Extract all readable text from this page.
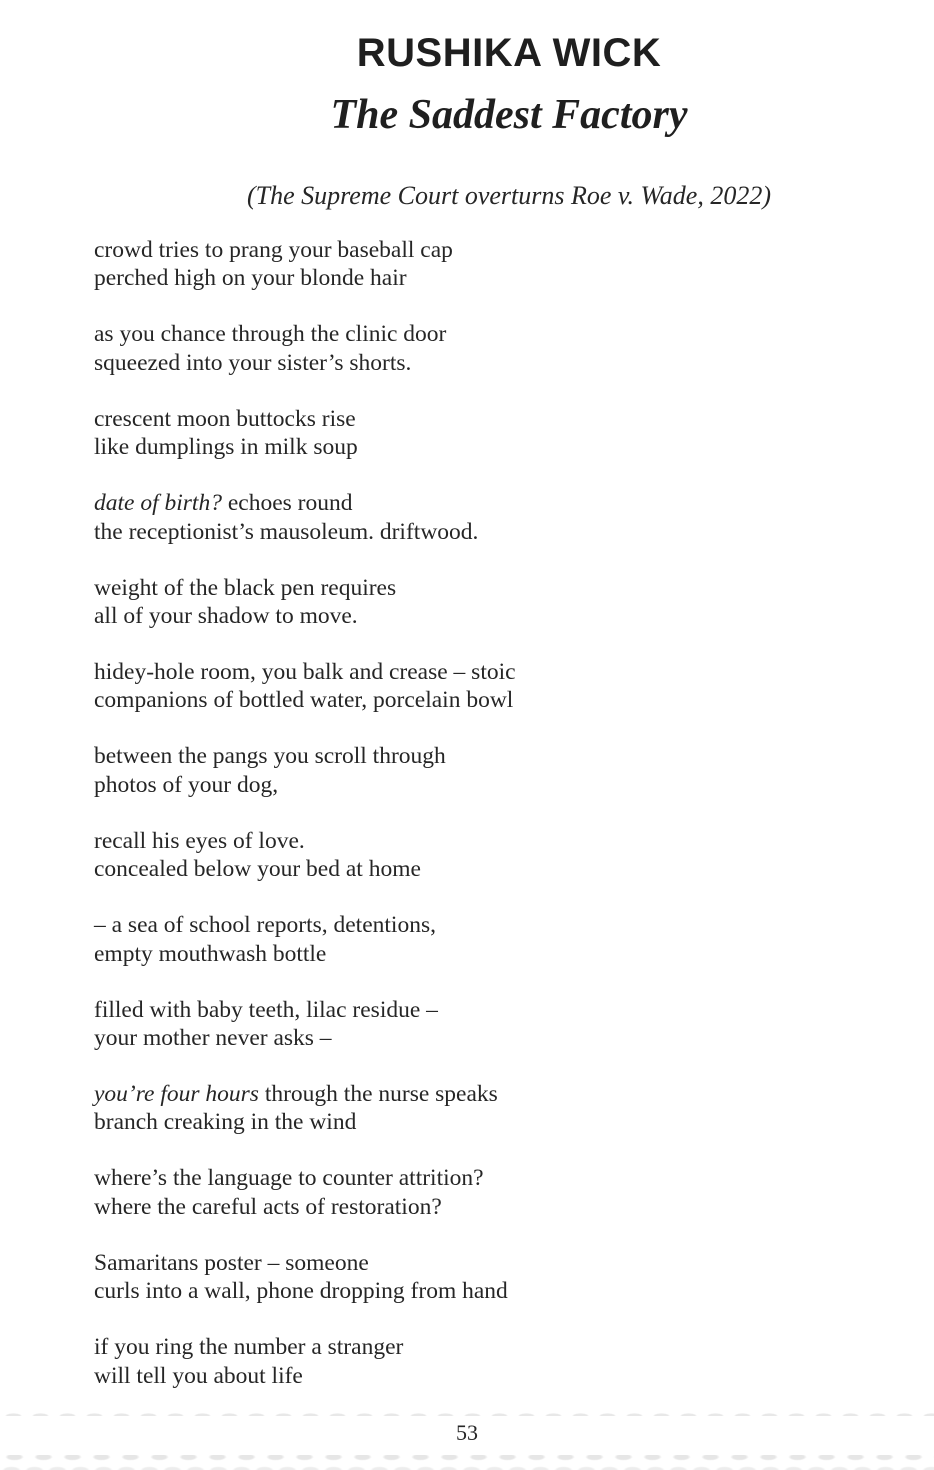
RUSHIKA WICK
The Saddest Factory

(The Supreme Court overturns Roe v. Wade, 2022)

crowd tries to prang your baseball cap
perched high on your blonde hair

as you chance through the clinic door
squeezed into your sister’s shorts.

crescent moon buttocks rise
like dumplings in milk soup

date of birth? echoes round
the receptionist’s mausoleum. driftwood.

weight of the black pen requires
all of your shadow to move.

hidey-hole room, you balk and crease – stoic
companions of bottled water, porcelain bowl

between the pangs you scroll through
photos of your dog,

recall his eyes of love.
concealed below your bed at home

– a sea of school reports, detentions,
empty mouthwash bottle

filled with baby teeth, lilac residue –
your mother never asks –

you’re four hours through the nurse speaks
branch creaking in the wind

where’s the language to counter attrition?
where the careful acts of restoration?

Samaritans poster – someone
curls into a wall, phone dropping from hand

if you ring the number a stranger
will tell you about life

53
